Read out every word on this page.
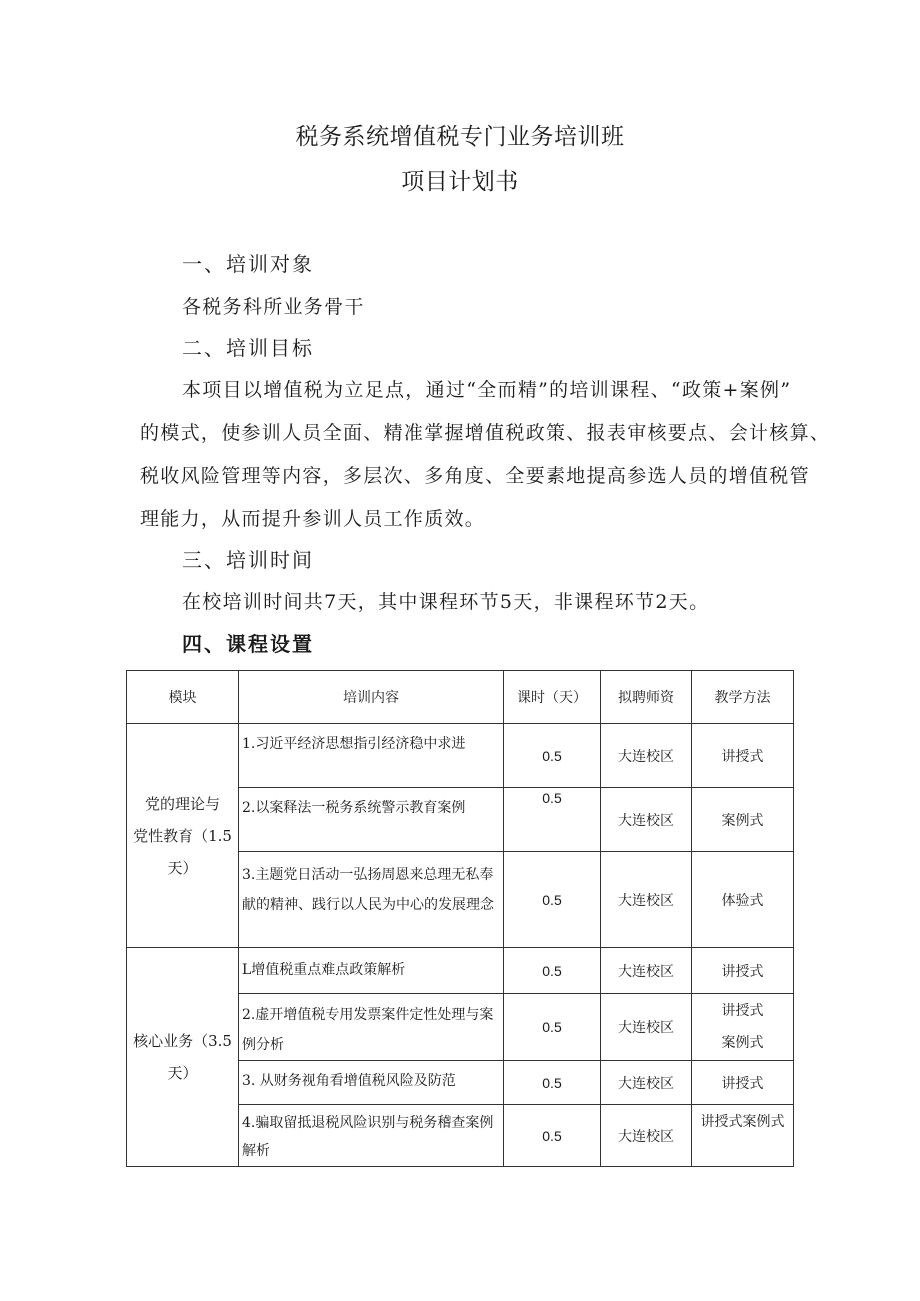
税务系统增值税专门业务培训班
项目计划书
一、培训对象
各税务科所业务骨干
二、培训目标
本项目以增值税为立足点，通过“全而精”的培训课程、“政策+案例”
的模式，使参训人员全面、精准掌握增值税政策、报表审核要点、会计核算、
税收风险管理等内容，多层次、多角度、全要素地提高参选人员的增值税管
理能力，从而提升参训人员工作质效。
三、培训时间
在校培训时间共7天，其中课程环节5天，非课程环节2天。
四、课程设置
模块	培训内容	课时（天）	拟聘师资	教学方法

党的理论与
党性教育（1.5
天）	1.习近平经济思想指引经济稳中求进	0.5	大连校区	讲授式
	2.以案释法一税务系统警示教育案例	0.5	大连校区	案例式
	3.主题党日活动一弘扬周恩来总理无私奉献的精神、践行以人民为中心的发展理念	0.5	大连校区	体验式

核心业务（3.5
天）	L增值税重点难点政策解析	0.5	大连校区	讲授式
	2.虚开增值税专用发票案件定性处理与案例分析	0.5	大连校区	讲授式 案例式
	3. 从财务视角看增值税风险及防范	0.5	大连校区	讲授式
	4.骗取留抵退税风险识别与税务稽查案例解析	0.5	大连校区	讲授式案例式
